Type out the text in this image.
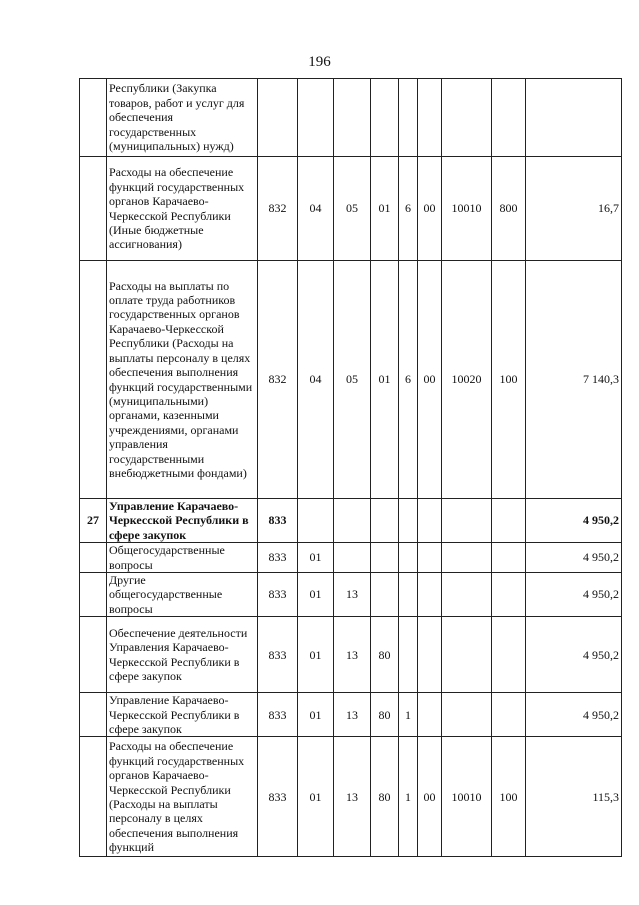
196
	Республики (Закупка товаров, работ и услуг для обеспечения государственных (муниципальных) нужд)									
	Расходы на обеспечение функций государственных органов Карачаево-Черкесской Республики (Иные бюджетные ассигнования)	832	04	05	01	6	00	10010	800	16,7
	Расходы на выплаты по оплате труда работников государственных органов Карачаево-Черкесской Республики (Расходы на выплаты персоналу в целях обеспечения выполнения функций государственными (муниципальными) органами, казенными учреждениями, органами управления государственными внебюджетными фондами)	832	04	05	01	6	00	10020	100	7 140,3
27	Управление Карачаево-Черкесской Республики в сфере закупок	833								4 950,2
	Общегосударственные вопросы	833	01							4 950,2
	Другие общегосударственные вопросы	833	01	13						4 950,2
	Обеспечение деятельности Управления Карачаево-Черкесской Республики в сфере закупок	833	01	13	80					4 950,2
	Управление Карачаево-Черкесской Республики в сфере закупок	833	01	13	80	1				4 950,2
	Расходы на обеспечение функций государственных органов Карачаево-Черкесской Республики (Расходы на выплаты персоналу в целях обеспечения выполнения функций	833	01	13	80	1	00	10010	100	115,3
